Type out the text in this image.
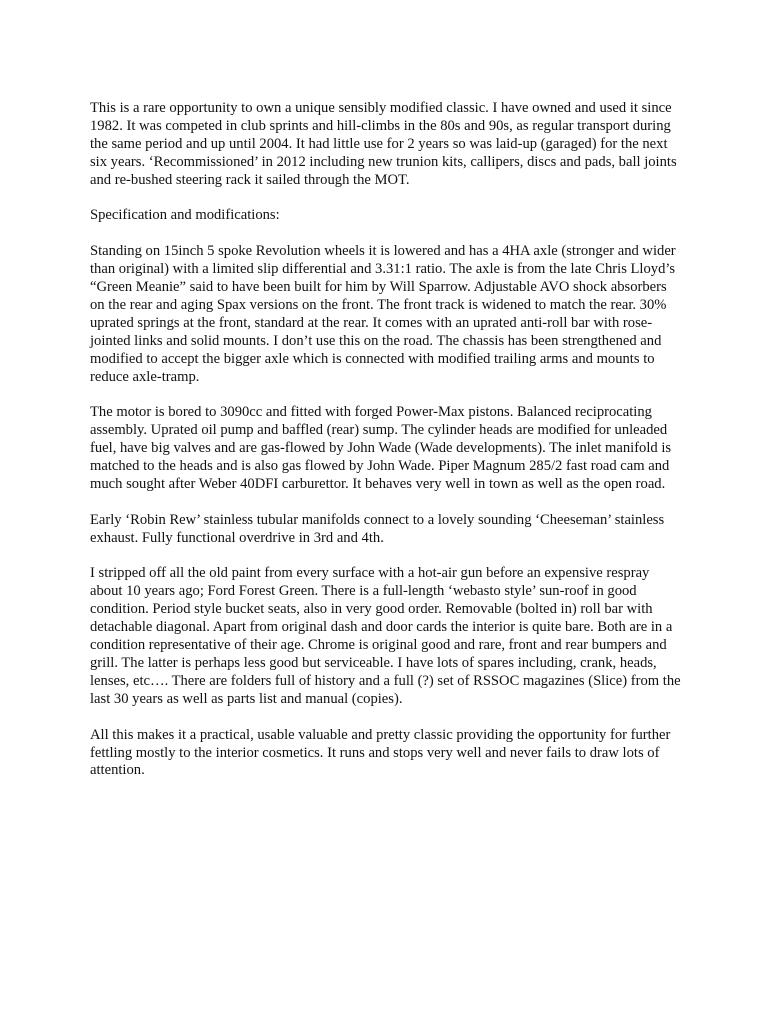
This is a rare opportunity to own a unique sensibly modified classic. I have owned and used it since 1982. It was competed in club sprints and hill-climbs in the 80s and 90s, as regular transport during the same period and up until 2004. It had little use for 2 years so was laid-up (garaged) for the next six years. ‘Recommissioned’ in 2012 including new trunion kits, callipers, discs and pads, ball joints and re-bushed steering rack it sailed through the MOT.

Specification and modifications:

Standing on 15inch 5 spoke Revolution wheels it is lowered and has a 4HA axle (stronger and wider than original) with a limited slip differential and 3.31:1 ratio. The axle is from the late Chris Lloyd’s “Green Meanie” said to have been built for him by Will Sparrow. Adjustable AVO shock absorbers on the rear and aging Spax versions on the front. The front track is widened to match the rear. 30% uprated springs at the front, standard at the rear. It comes with an uprated anti-roll bar with rose-jointed links and solid mounts. I don’t use this on the road. The chassis has been strengthened and modified to accept the bigger axle which is connected with modified trailing arms and mounts to reduce axle-tramp.

The motor is bored to 3090cc and fitted with forged Power-Max pistons. Balanced reciprocating assembly. Uprated oil pump and baffled (rear) sump. The cylinder heads are modified for unleaded fuel, have big valves and are gas-flowed by John Wade (Wade developments). The inlet manifold is matched to the heads and is also gas flowed by John Wade. Piper Magnum 285/2 fast road cam and much sought after Weber 40DFI carburettor. It behaves very well in town as well as the open road.

Early ‘Robin Rew’ stainless tubular manifolds connect to a lovely sounding ‘Cheeseman’ stainless exhaust. Fully functional overdrive in 3rd and 4th.

I stripped off all the old paint from every surface with a hot-air gun before an expensive respray about 10 years ago; Ford Forest Green. There is a full-length ‘webasto style’ sun-roof in good condition. Period style bucket seats, also in very good order. Removable (bolted in) roll bar with detachable diagonal. Apart from original dash and door cards the interior is quite bare. Both are in a condition representative of their age. Chrome is original good and rare, front and rear bumpers and grill. The latter is perhaps less good but serviceable. I have lots of spares including, crank, heads, lenses, etc…. There are folders full of history and a full (?) set of RSSOC magazines (Slice) from the last 30 years as well as parts list and manual (copies).

All this makes it a practical, usable valuable and pretty classic providing the opportunity for further fettling mostly to the interior cosmetics. It runs and stops very well and never fails to draw lots of attention.
